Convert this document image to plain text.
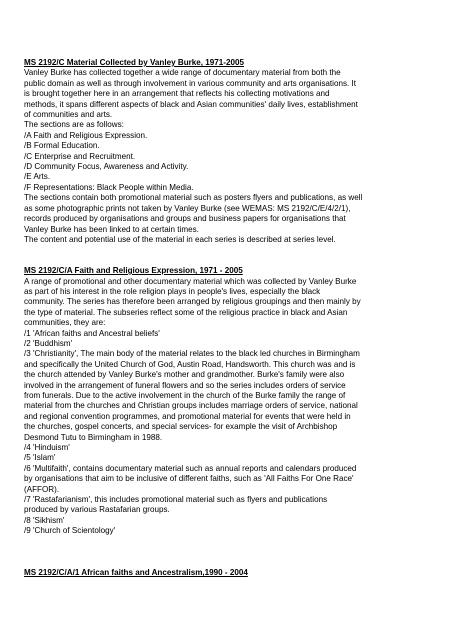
MS 2192/C Material Collected by Vanley Burke, 1971-2005
Vanley Burke has collected together a wide range of documentary material from both the
public domain as well as through involvement in various community and arts organisations. It
is brought together here in an arrangement that reflects his collecting motivations and
methods, it spans different aspects of black and Asian communities' daily lives, establishment
of communities and arts.
The sections are as follows:
/A Faith and Religious Expression.
/B Formal Education.
/C Enterprise and Recruitment.
/D Community Focus, Awareness and Activity.
/E Arts.
/F Representations: Black People within Media.
The sections contain both promotional material such as posters flyers and publications, as well
as some photographic prints not taken by Vanley Burke (see WEMAS: MS 2192/C/E/4/2/1),
records produced by organisations and groups and business papers for organisations that
Vanley Burke has been linked to at certain times.
The content and potential use of the material in each series is described at series level.
MS 2192/C/A Faith and Religious Expression, 1971 - 2005
A range of promotional and other documentary material which was collected by Vanley Burke
as part of his interest in the role religion plays in people's lives, especially the black
community. The series has therefore been arranged by religious groupings and then mainly by
the type of material. The subseries reflect some of the religious practice in black and Asian
communities, they are:
/1 'African faiths and Ancestral beliefs'
/2 'Buddhism'
/3 'Christianity', The main body of the material relates to the black led churches in Birmingham
and specifically the United Church of God, Austin Road, Handsworth. This church was and is
the church attended by Vanley Burke's mother and grandmother. Burke's family were also
involved in the arrangement of funeral flowers and so the series includes orders of service
from funerals. Due to the active involvement in the church of the Burke family the range of
material from the churches and Christian groups includes marriage orders of service, national
and regional convention programmes, and promotional material for events that were held in
the churches, gospel concerts, and special services- for example the visit of Archbishop
Desmond Tutu to Birmingham in 1988.
/4 'Hinduism'
/5 'Islam'
/6 'Multifaith', contains documentary material such as annual reports and calendars produced
by organisations that aim to be inclusive of different faiths, such as 'All Faiths For One Race'
(AFFOR).
/7 'Rastafarianism', this includes promotional material such as flyers and publications
produced by various Rastafarian groups.
/8 'Sikhism'
/9 'Church of Scientology'
MS 2192/C/A/1 African faiths and Ancestralism,1990 - 2004
